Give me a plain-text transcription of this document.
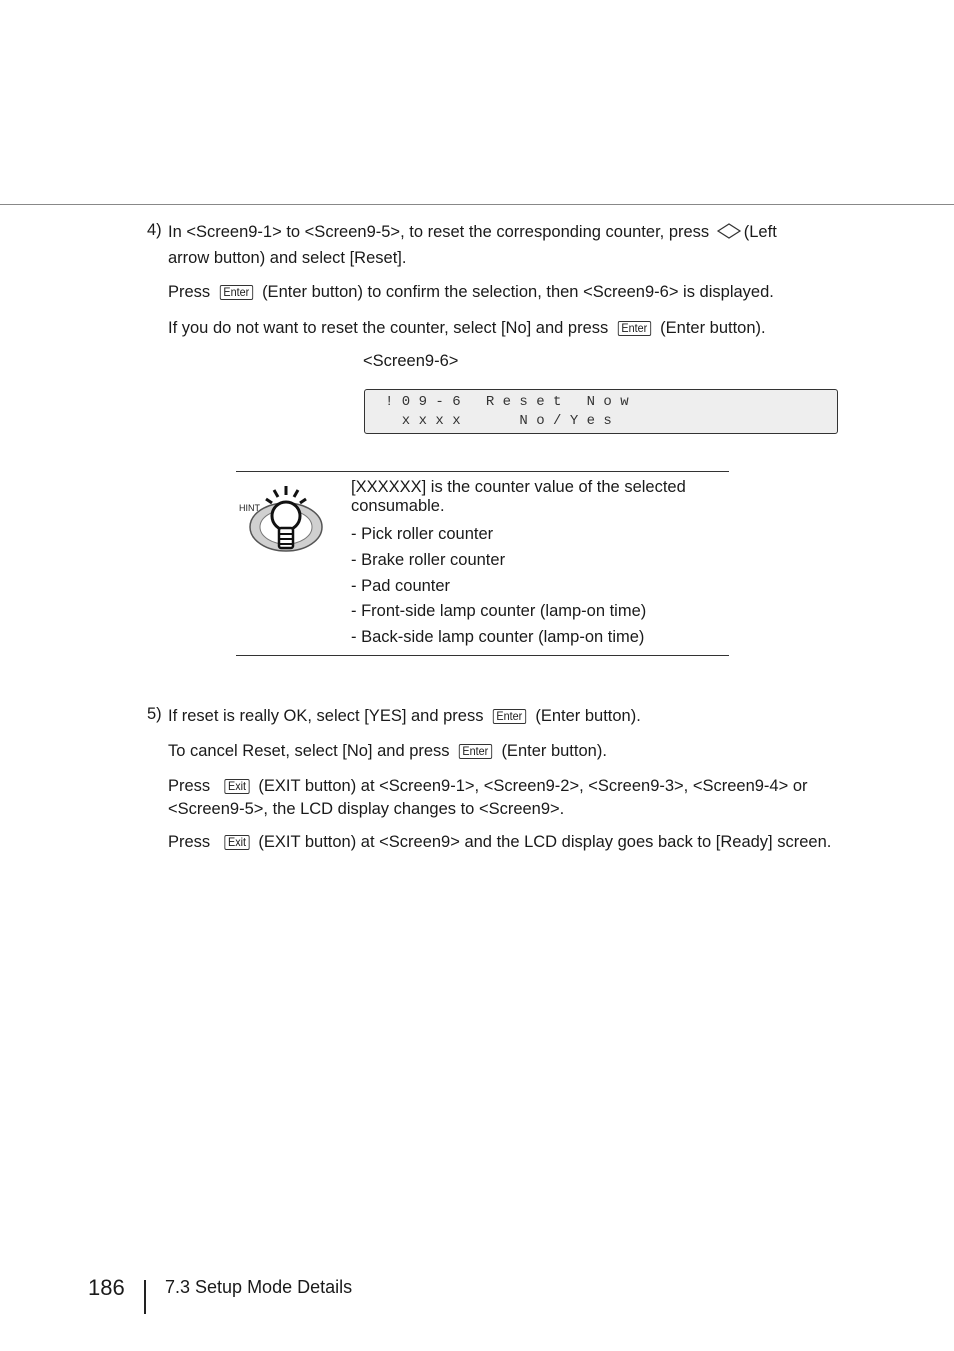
4) In <Screen9-1> to <Screen9-5>, to reset the corresponding counter, press (Left
arrow button) and select [Reset].
Press Enter (Enter button) to confirm the selection, then <Screen9-6> is displayed.
If you do not want to reset the counter, select [No] and press Enter (Enter button).
<Screen9-6>
! 0 9 - 6   R e s e t   N o w
x x x x       N o / Y e s
HINT
[XXXXXX] is the counter value of the selected consumable.
- Pick roller counter
- Brake roller counter
- Pad counter
- Front-side lamp counter (lamp-on time)
- Back-side lamp counter (lamp-on time)
5) If reset is really OK, select [YES] and press Enter (Enter button).
To cancel Reset, select [No] and press Enter (Enter button).
Press Exit (EXIT button) at <Screen9-1>, <Screen9-2>, <Screen9-3>, <Screen9-4> or <Screen9-5>, the LCD display changes to <Screen9>.
Press Exit (EXIT button) at <Screen9> and the LCD display goes back to [Ready] screen.
186 7.3 Setup Mode Details
